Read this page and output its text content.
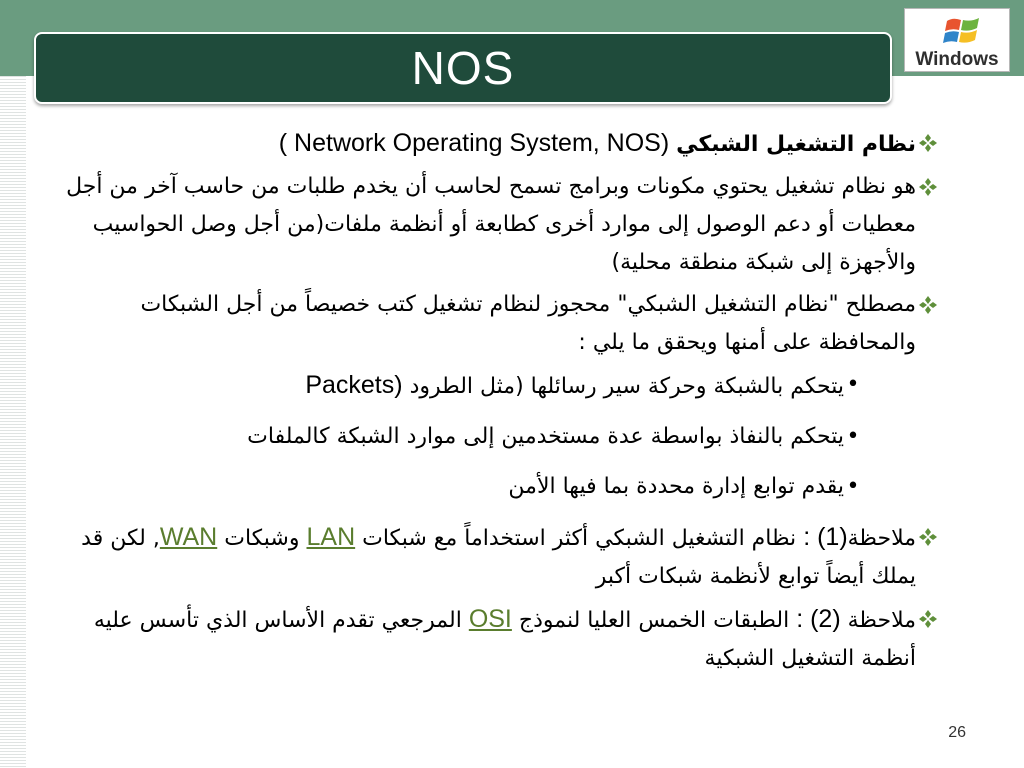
NOS	Windows
نظام التشغيل الشبكي ( Network Operating System, NOS)
هو نظام تشغيل يحتوي مكونات وبرامج تسمح لحاسب أن يخدم طلبات من حاسب آخر من أجل معطيات أو دعم الوصول إلى موارد أخرى كطابعة أو أنظمة ملفات(من أجل وصل الحواسيب والأجهزة إلى شبكة منطقة محلية)
مصطلح "نظام التشغيل الشبكي" محجوز لنظام تشغيل كتب خصيصاً من أجل الشبكات والمحافظة على أمنها ويحقق ما يلي :
•
يتحكم بالشبكة وحركة سير رسائلها (مثل الطرود Packets)
•
يتحكم بالنفاذ بواسطة عدة مستخدمين إلى موارد الشبكة كالملفات
•
يقدم توابع إدارة محددة بما فيها الأمن
ملاحظة(1) : نظام التشغيل الشبكي أكثر استخداماً مع شبكات LAN وشبكات WAN, لكن قد يملك أيضاً توابع لأنظمة شبكات أكبر
ملاحظة (2) : الطبقات الخمس العليا لنموذج OSI المرجعي تقدم الأساس الذي تأسس عليه أنظمة التشغيل الشبكية
26
